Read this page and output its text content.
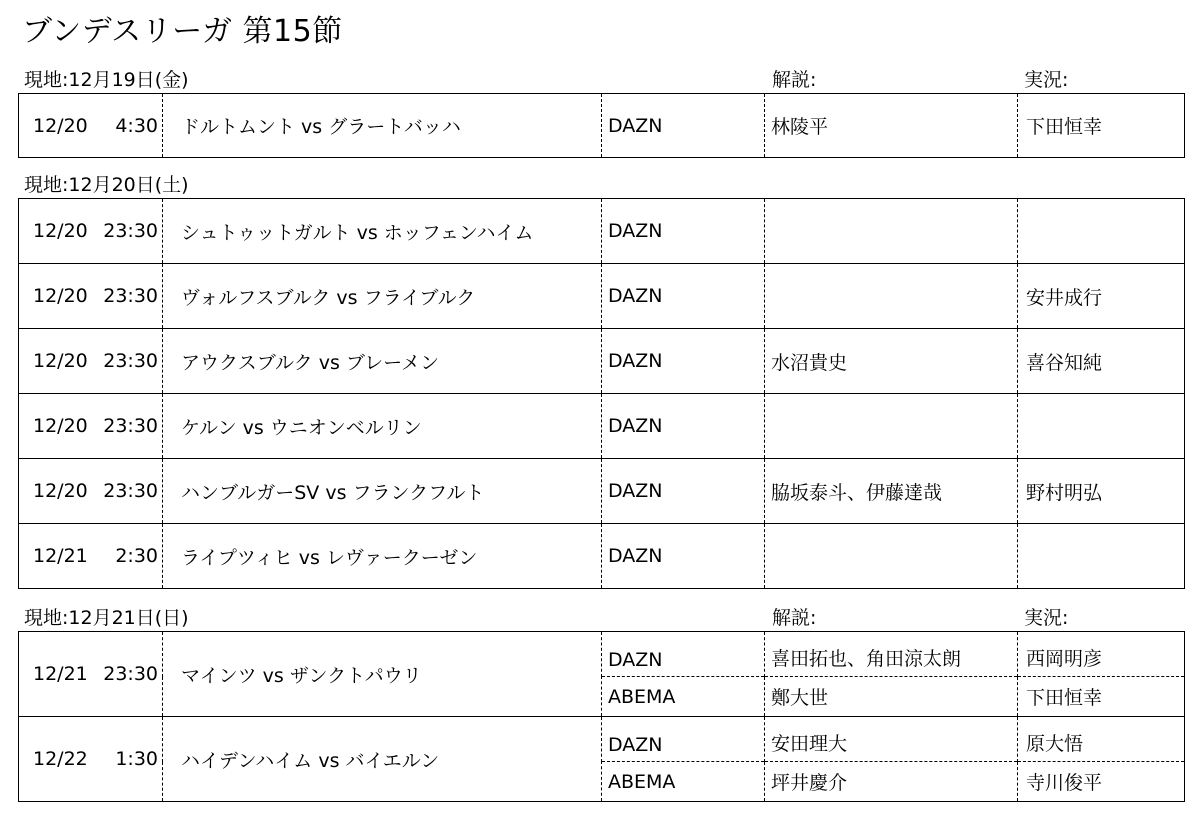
ブンデスリーガ 第15節
現地:12月19日(金)	解説:	実況:
12/20	4:30	ドルトムント vs グラートバッハ	DAZN	林陵平	下田恒幸
現地:12月20日(土)
12/20	23:30	シュトゥットガルト vs ホッフェンハイム	DAZN		
12/20	23:30	ヴォルフスブルク vs フライブルク	DAZN		安井成行
12/20	23:30	アウクスブルク vs ブレーメン	DAZN	水沼貴史	喜谷知純
12/20	23:30	ケルン vs ウニオンベルリン	DAZN		
12/20	23:30	ハンブルガーSV vs フランクフルト	DAZN	脇坂泰斗、伊藤達哉	野村明弘
12/21	2:30	ライプツィヒ vs レヴァークーゼン	DAZN		
現地:12月21日(日)	解説:	実況:
12/21	23:30	マインツ vs ザンクトパウリ	DAZN	喜田拓也、角田涼太朗	西岡明彦
			ABEMA	鄭大世	下田恒幸
12/22	1:30	ハイデンハイム vs バイエルン	DAZN	安田理大	原大悟
			ABEMA	坪井慶介	寺川俊平
